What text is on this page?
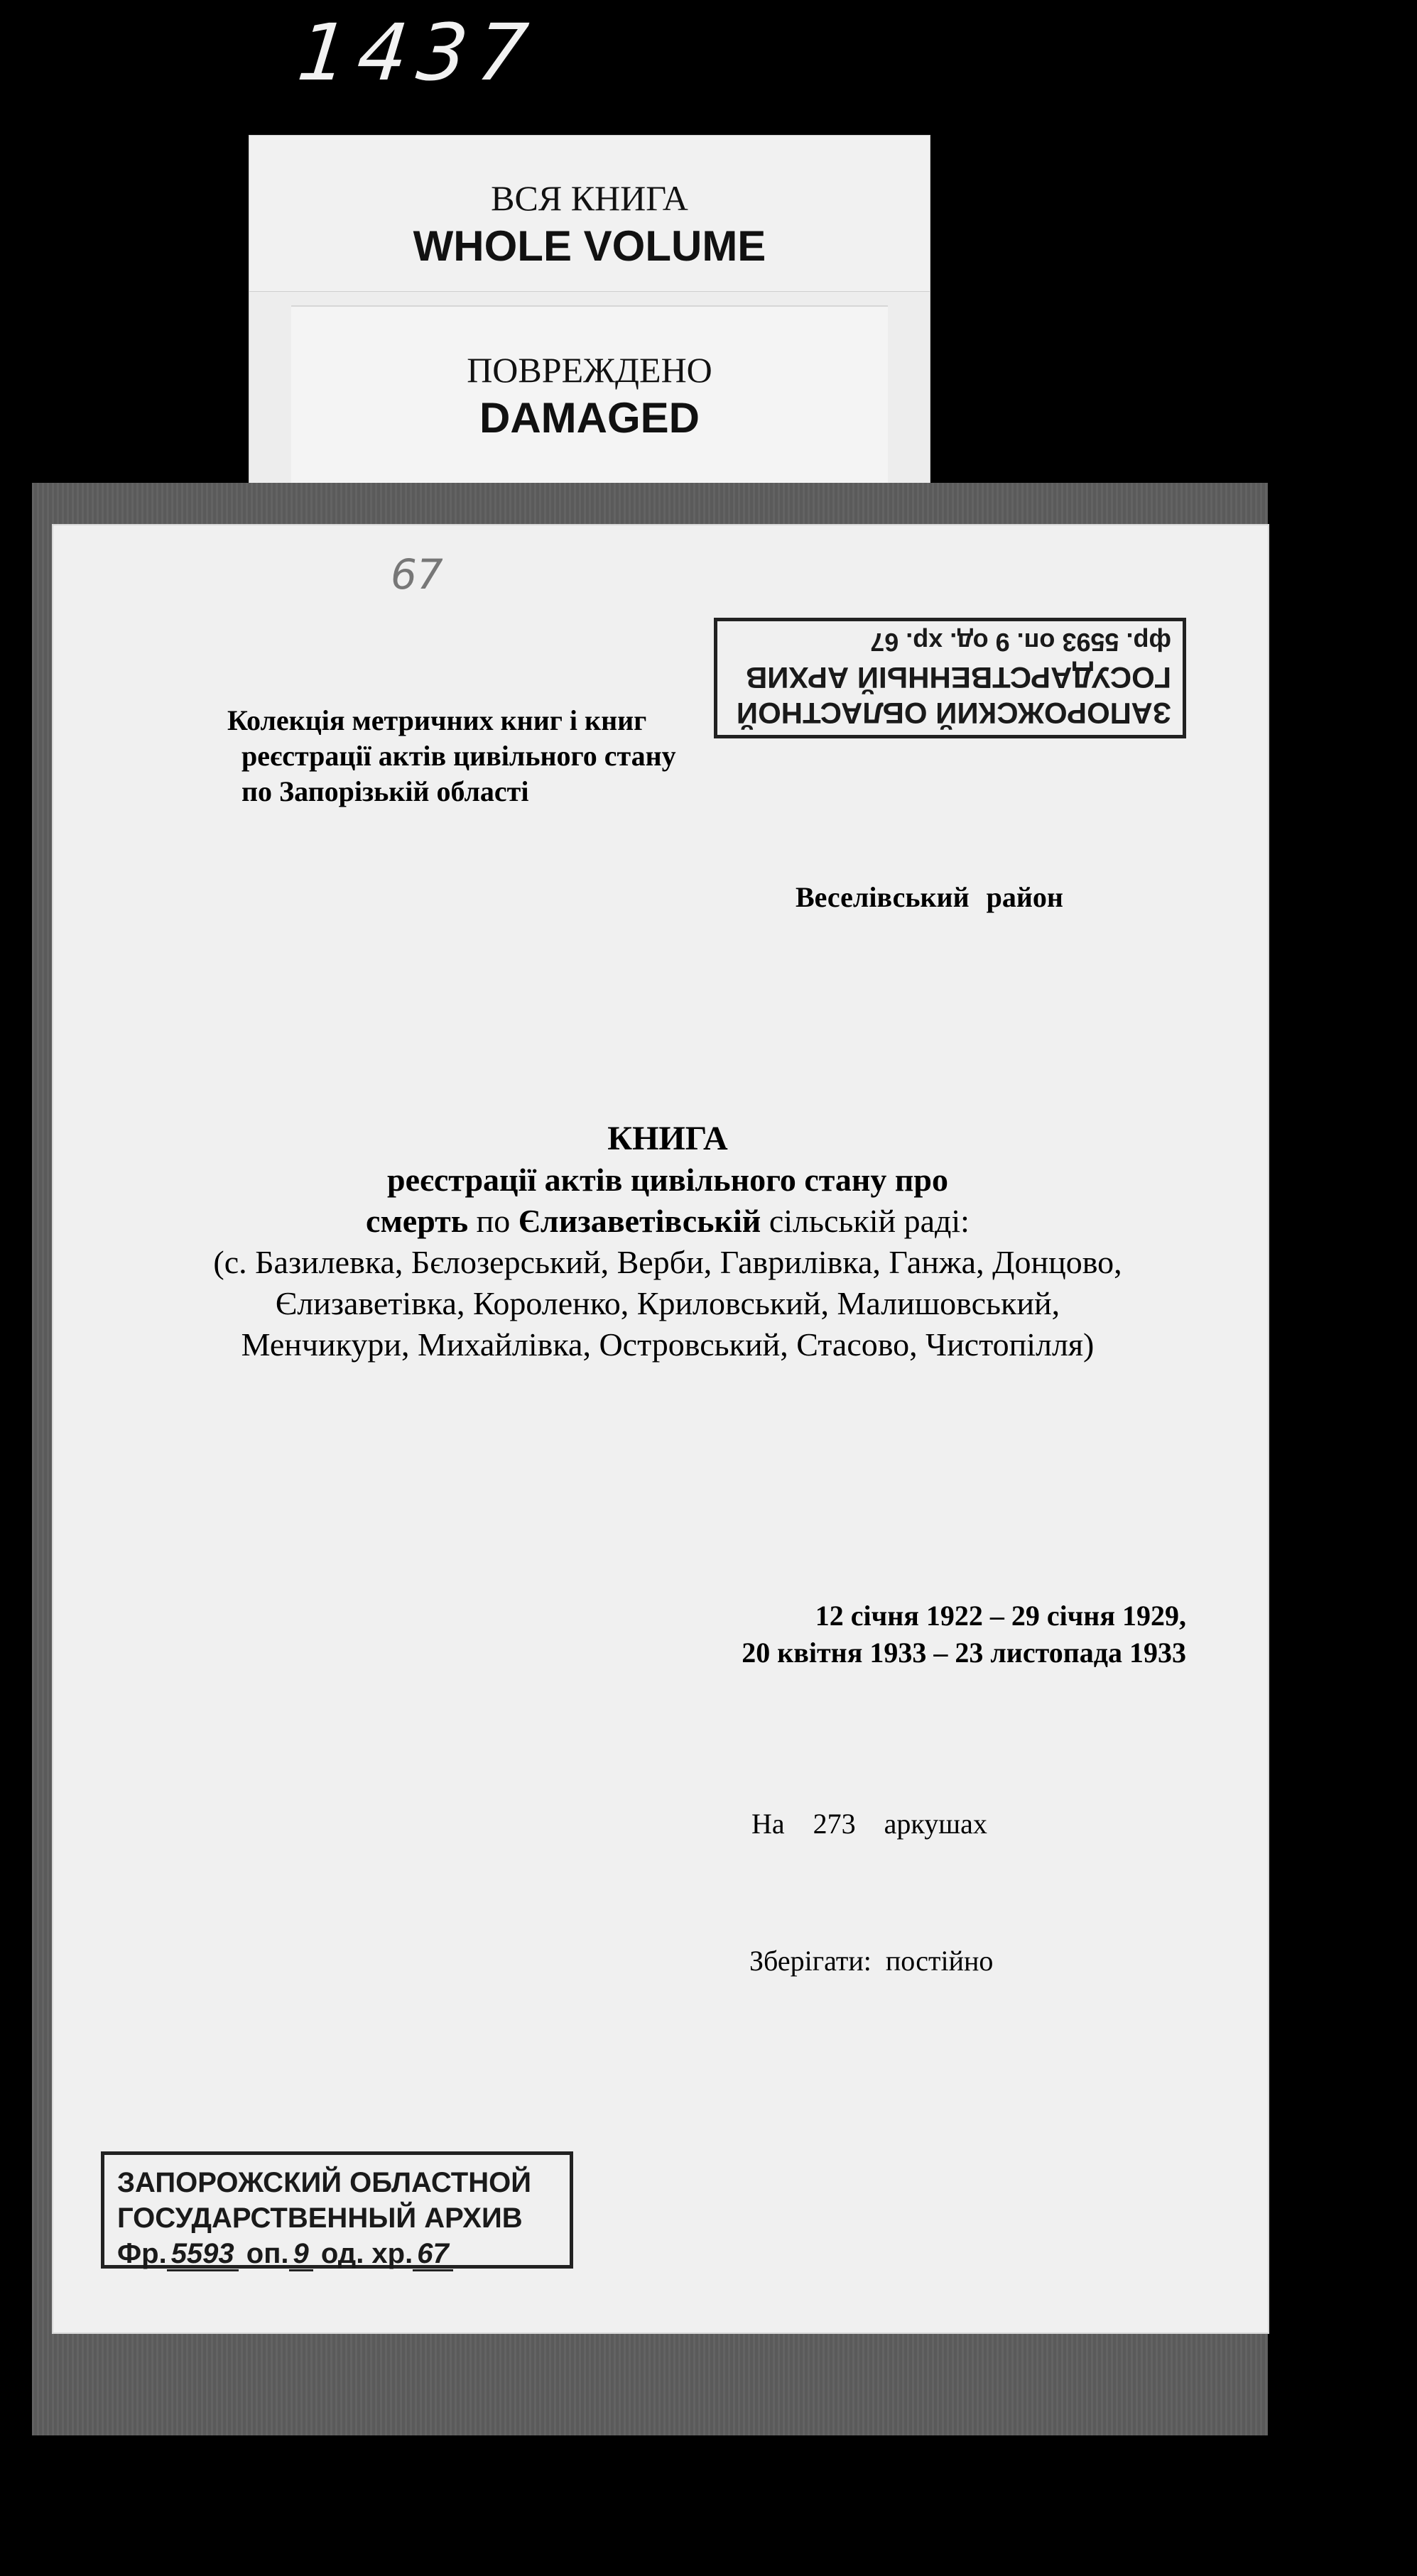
1437
ВСЯ КНИГА
WHOLE VOLUME
ПОВРЕЖДЕНО
DAMAGED
67
ЗАПОРОЖСКИЙ ОБЛАСТНОЙ
ГОСУДАРСТВЕННЫЙ АРХИВ
фр. 5593 оп. 9 од. хр. 67
Колекція метричних книг і книг
реєстрації актів цивільного стану
по Запорізькій області
Веселівський район
КНИГА
реєстрації актів цивільного стану про
смерть по Єлизаветівській сільській раді:
(с. Базилевка, Бєлозерський, Верби, Гаврилівка, Ганжа, Донцово,
Єлизаветівка, Короленко, Криловський, Малишовський,
Менчикури, Михайлівка, Островський, Стасово, Чистопілля)
12 січня 1922 – 29 січня 1929,
20 квітня 1933 – 23 листопада 1933
На 273 аркушах
Зберігати: постійно
ЗАПОРОЖСКИЙ ОБЛАСТНОЙ
ГОСУДАРСТВЕННЫЙ АРХИВ
Фр. 5593 оп. 9 од. хр. 67
